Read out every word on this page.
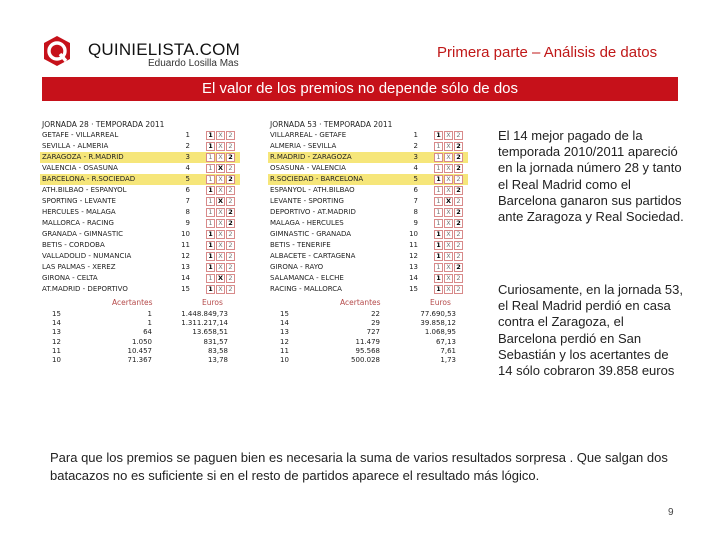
QUINIELISTA.COM
Eduardo Losilla Mas
Primera parte – Análisis de datos
El valor de los premios no depende sólo de dos
JORNADA 28 · TEMPORADA 2011
GETAFE - VILLARREAL	1	1 X 2
SEVILLA - ALMERIA	2	1 X 2
ZARAGOZA - R.MADRID	3	1 X 2
VALENCIA - OSASUNA	4	1 X 2
BARCELONA - R.SOCIEDAD	5	1 X 2
ATH.BILBAO - ESPANYOL	6	1 X 2
SPORTING - LEVANTE	7	1 X 2
HERCULES - MALAGA	8	1 X 2
MALLORCA - RACING	9	1 X 2
GRANADA - GIMNASTIC	10	1 X 2
BETIS - CORDOBA	11	1 X 2
VALLADOLID - NUMANCIA	12	1 X 2
LAS PALMAS - XEREZ	13	1 X 2
GIRONA - CELTA	14	1 X 2
AT.MADRID - DEPORTIVO	15	1 X 2
Acertantes	Euros
15	1	1.448.849,73
14	1	1.311.217,14
13	64	13.658,51
12	1.050	831,57
11	10.457	83,58
10	71.367	13,78
JORNADA 53 · TEMPORADA 2011
VILLARREAL - GETAFE	1	1 X 2
ALMERIA - SEVILLA	2	1 X 2
R.MADRID - ZARAGOZA	3	1 X 2
OSASUNA - VALENCIA	4	1 X 2
R.SOCIEDAD - BARCELONA	5	1 X 2
ESPANYOL - ATH.BILBAO	6	1 X 2
LEVANTE - SPORTING	7	1 X 2
DEPORTIVO - AT.MADRID	8	1 X 2
MALAGA - HERCULES	9	1 X 2
GIMNASTIC - GRANADA	10	1 X 2
BETIS - TENERIFE	11	1 X 2
ALBACETE - CARTAGENA	12	1 X 2
GIRONA - RAYO	13	1 X 2
SALAMANCA - ELCHE	14	1 X 2
RACING - MALLORCA	15	1 X 2
Acertantes	Euros
15	22	77.690,53
14	29	39.858,12
13	727	1.068,95
12	11.479	67,13
11	95.568	7,61
10	500.028	1,73
El 14 mejor pagado de la temporada 2010/2011 apareció en la jornada número 28 y tanto el Real Madrid como el Barcelona ganaron sus partidos ante Zaragoza y Real Sociedad.
Curiosamente, en la jornada 53, el Real Madrid perdió en casa contra el Zaragoza, el Barcelona perdió en San Sebastián y los acertantes de 14 sólo cobraron 39.858 euros
Para que los premios se paguen bien es necesaria la suma de varios resultados sorpresa . Que salgan dos batacazos no es suficiente si en el resto de partidos aparece el resultado más lógico.
9
